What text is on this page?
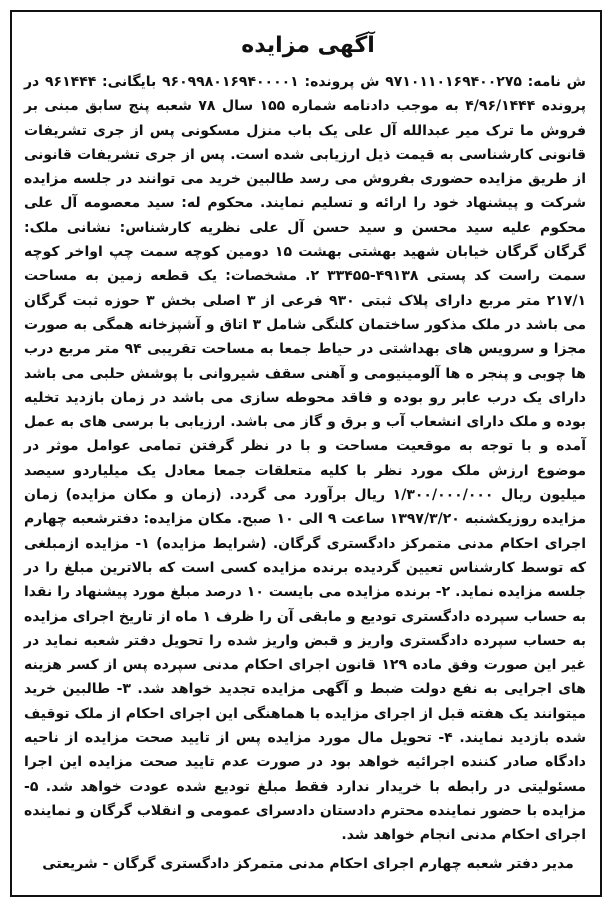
آگهی مزایده

ش نامه: ۹۷۱۰۱۱۰۱۶۹۴۰۰۲۷۵ ش پرونده: ۹۶۰۹۹۸۰۱۶۹۴۰۰۰۰۱ بایگانی: ۹۶۱۴۴۴ در پرونده ۴/۹۶/۱۴۴۴ به موجب دادنامه شماره ۱۵۵ سال ۷۸ شعبه پنج سابق مبنی بر فروش ما ترک میر عبدالله آل علی یک باب منزل مسکونی پس از جری تشریفات قانونی کارشناسی به قیمت ذیل ارزیابی شده است. پس از جری تشریفات قانونی از طریق مزایده حضوری بفروش می رسد طالبین خرید می توانند در جلسه مزایده شرکت و پیشنهاد خود را ارائه و تسلیم نمایند. محکوم له: سید معصومه آل علی محکوم علیه سید محسن و سید حسن آل علی نظریه کارشناس: نشانی ملک: گرگان گرگان خیابان شهید بهشتی بهشت ۱۵ دومین کوچه سمت چپ اواخر کوچه سمت راست کد پستی ۴۹۱۳۸-۳۳۴۵۵ ۲. مشخصات: یک قطعه زمین به مساحت ۲۱۷/۱ متر مربع دارای پلاک ثبتی ۹۳۰ فرعی از ۳ اصلی بخش ۳ حوزه ثبت گرگان می باشد در ملک مذکور ساختمان کلنگی شامل ۳ اتاق و آشپزخانه همگی به صورت مجزا و سرویس های بهداشتی در حیاط جمعا به مساحت تقریبی ۹۴ متر مربع درب ها چوبی و پنجر ه ها آلومینیومی و آهنی سقف شیروانی با پوشش حلبی می باشد دارای یک درب عابر رو بوده و فاقد محوطه سازی می باشد در زمان بازدید تخلیه بوده و ملک دارای انشعاب آب و برق و گاز می باشد. ارزیابی با برسی های به عمل آمده و با توجه به موقعیت مساحت و با در نظر گرفتن تمامی عوامل موثر در موضوع ارزش ملک مورد نظر با کلیه متعلقات جمعا معادل یک میلیاردو سیصد میلیون ریال ۱/۳۰۰/۰۰۰/۰۰۰ ریال برآورد می گردد. (زمان و مکان مزایده) زمان مزایده روزیکشنبه ۱۳۹۷/۳/۲۰ ساعت ۹ الی ۱۰ صبح. مکان مزایده: دفترشعبه چهارم اجرای احکام مدنی متمرکز دادگستری گرگان. (شرایط مزایده) ۱- مزایده ازمبلغی که توسط کارشناس تعیین گردیده برنده مزایده کسی است که بالاترین مبلغ را در جلسه مزایده نماید. ۲- برنده مزایده می بایست ۱۰ درصد مبلغ مورد پیشنهاد را نقدا به حساب سپرده دادگستری تودیع و مابقی آن را ظرف ۱ ماه از تاریخ اجرای مزایده به حساب سپرده دادگستری واریز و قبض واریز شده را تحویل دفتر شعبه نماید در غیر این صورت وفق ماده ۱۲۹ قانون اجرای احکام مدنی سپرده پس از کسر هزینه های اجرایی به نفع دولت ضبط و آگهی مزایده تجدید خواهد شد. ۳- طالبین خرید میتوانند یک هفته قبل از اجرای مزایده با هماهنگی این اجرای احکام از ملک توقیف شده بازدید نمایند. ۴- تحویل مال مورد مزایده پس از تایید صحت مزایده از ناحیه دادگاه صادر کننده اجرائیه خواهد بود در صورت عدم تایید صحت مزایده این اجرا مسئولیتی در رابطه با خریدار ندارد فقط مبلغ تودیع شده عودت خواهد شد. ۵- مزایده با حضور نماینده محترم دادستان دادسرای عمومی و انقلاب گرگان و نماینده اجرای احکام مدنی انجام خواهد شد.

مدیر دفتر شعبه چهارم اجرای احکام مدنی متمرکز دادگستری گرگان - شریعتی
